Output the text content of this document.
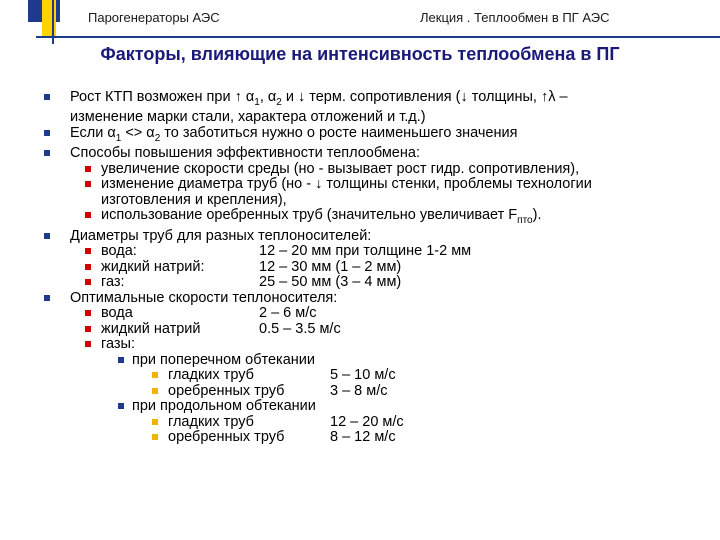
Парогенераторы АЭС	Лекция . Теплообмен в ПГ АЭС
Факторы, влияющие на интенсивность теплообмена в ПГ
Рост КТП возможен при ↑ $\alpha_1$, $\alpha_2$ и ↓ терм. сопротивления (↓ толщины, ↑λ –
изменение марки стали, характера отложений и т.д.)
Если $\alpha_1 <> \alpha_2$ то заботиться нужно о росте наименьшего значения
Способы повышения эффективности теплообмена:
увеличение скорости среды (но - вызывает рост гидр. сопротивления),
изменение диаметра труб (но - ↓ толщины стенки, проблемы технологии
изготовления и крепления),
использование оребренных труб (значительно увеличивает $F_{пто}$).
Диаметры труб для разных теплоносителей:
вода:	12 – 20 мм при толщине 1-2 мм
жидкий натрий:	12 – 30 мм (1 – 2 мм)
газ:	25 – 50 мм (3 – 4 мм)
Оптимальные скорости теплоносителя:
вода	2 – 6 м/с
жидкий натрий	0.5 – 3.5 м/с
газы:
при поперечном обтекании
гладких труб	5 – 10 м/с
оребренных труб	3 – 8 м/с
при продольном обтекании
гладких труб	12 – 20 м/с
оребренных труб	8 – 12 м/с
